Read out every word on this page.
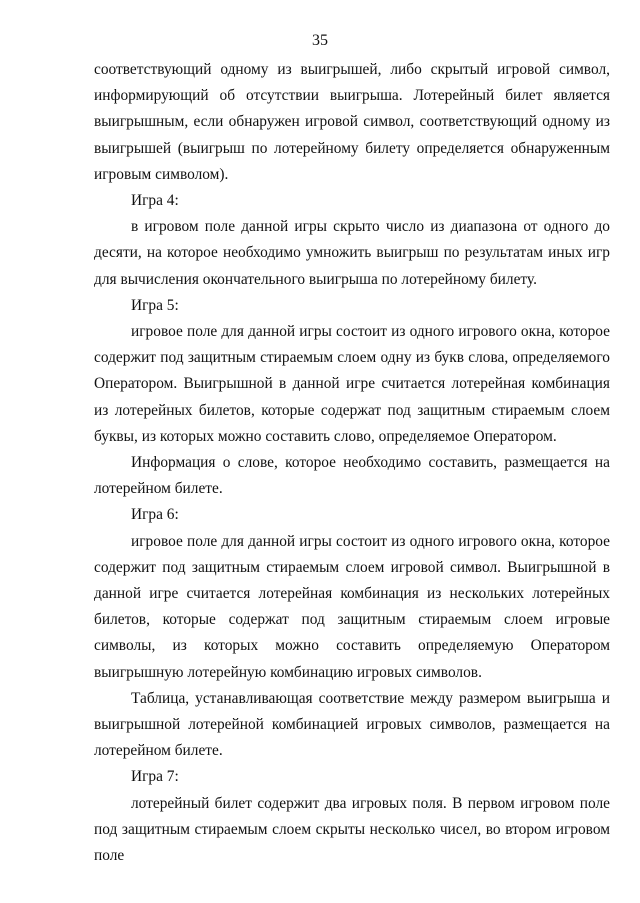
35

соответствующий одному из выигрышей, либо скрытый игровой символ, информирующий об отсутствии выигрыша. Лотерейный билет является выигрышным, если обнаружен игровой символ, соответствующий одному из выигрышей (выигрыш по лотерейному билету определяется обнаруженным игровым символом).

Игра 4:

в игровом поле данной игры скрыто число из диапазона от одного до десяти, на которое необходимо умножить выигрыш по результатам иных игр для вычисления окончательного выигрыша по лотерейному билету.

Игра 5:

игровое поле для данной игры состоит из одного игрового окна, которое содержит под защитным стираемым слоем одну из букв слова, определяемого Оператором. Выигрышной в данной игре считается лотерейная комбинация из лотерейных билетов, которые содержат под защитным стираемым слоем буквы, из которых можно составить слово, определяемое Оператором.

Информация о слове, которое необходимо составить, размещается на лотерейном билете.

Игра 6:

игровое поле для данной игры состоит из одного игрового окна, которое содержит под защитным стираемым слоем игровой символ. Выигрышной в данной игре считается лотерейная комбинация из нескольких лотерейных билетов, которые содержат под защитным стираемым слоем игровые символы, из которых можно составить определяемую Оператором выигрышную лотерейную комбинацию игровых символов.

Таблица, устанавливающая соответствие между размером выигрыша и выигрышной лотерейной комбинацией игровых символов, размещается на лотерейном билете.

Игра 7:

лотерейный билет содержит два игровых поля. В первом игровом поле под защитным стираемым слоем скрыты несколько чисел, во втором игровом поле
